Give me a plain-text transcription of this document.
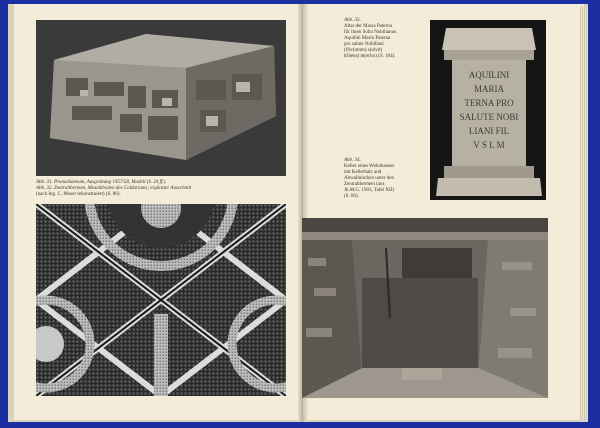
Abb. 31. Prunushaneum, Ausgrabung 1957/58, Modell (S. 24 ff.).
Abb. 32. Zentralthermen, Mosaikboden des Caldariums; ergänzter Ausschnitt
(nach Ing. C. Moser rekonstruiert) (S. 86).
Abb. 33.
Altar der Macia Paterna
für ihren Sohn Nobilianus.
Aquilini Mariu Paterna
pro salute Nobiliani
(fl)v(otum) s(olvit)
l(ibens) m(erito) (S. 104).
AQUILINI
MARIA
TERNA PRO
SALUTE NOBI
LIANI FIL
V S L M
Abb. 34.
Keller eines Wohnhauses
mit Kellerhals und
Abwallnischen unter den
Zentralthermen (aus
Jb.M.G. 1903, Tafel XII)
(S. 86).
